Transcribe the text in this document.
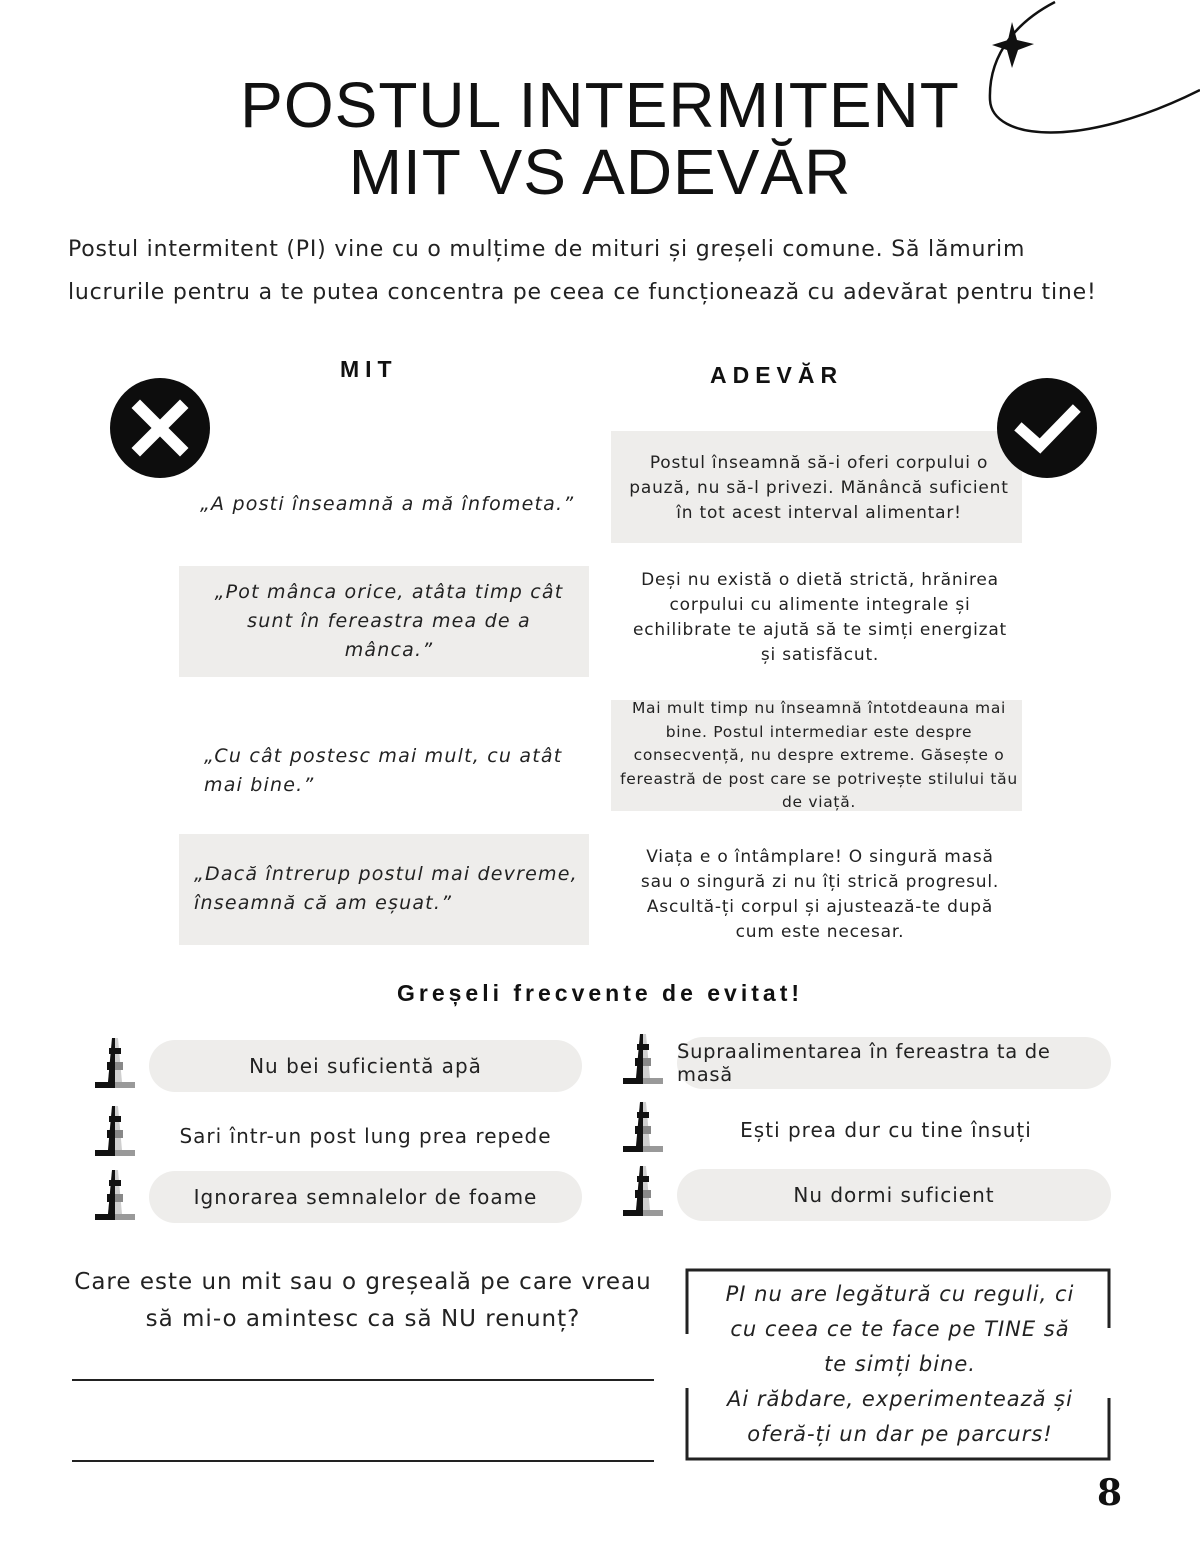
POSTUL INTERMITENT
MIT VS ADEVĂR
Postul intermitent (PI) vine cu o mulțime de mituri și greșeli comune. Să lămurim lucrurile pentru a te putea concentra pe ceea ce funcționează cu adevărat pentru tine!
MIT	ADEVĂR
„A posti înseamnă a mă înfometa.”
Postul înseamnă să-i oferi corpului o pauză, nu să-l privezi. Mănâncă suficient în tot acest interval alimentar!
„Pot mânca orice, atâta timp cât sunt în fereastra mea de a mânca.”
Deși nu există o dietă strictă, hrănirea corpului cu alimente integrale și echilibrate te ajută să te simți energizat și satisfăcut.
„Cu cât postesc mai mult, cu atât mai bine.”
Mai mult timp nu înseamnă întotdeauna mai bine. Postul intermediar este despre consecvență, nu despre extreme. Găsește o fereastră de post care se potrivește stilului tău de viață.
„Dacă întrerup postul mai devreme, înseamnă că am eșuat.”
Viața e o întâmplare! O singură masă sau o singură zi nu îți strică progresul. Ascultă-ți corpul și ajustează-te după cum este necesar.
Greșeli frecvente de evitat!
Nu bei suficientă apă
Sari într-un post lung prea repede
Ignorarea semnalelor de foame
Supraalimentarea în fereastra ta de masă
Ești prea dur cu tine însuți
Nu dormi suficient
Care este un mit sau o greșeală pe care vreau să mi-o amintesc ca să NU renunț?
PI nu are legătură cu reguli, ci cu ceea ce te face pe TINE să te simți bine.
Ai răbdare, experimentează și oferă-ți un dar pe parcurs!
8
